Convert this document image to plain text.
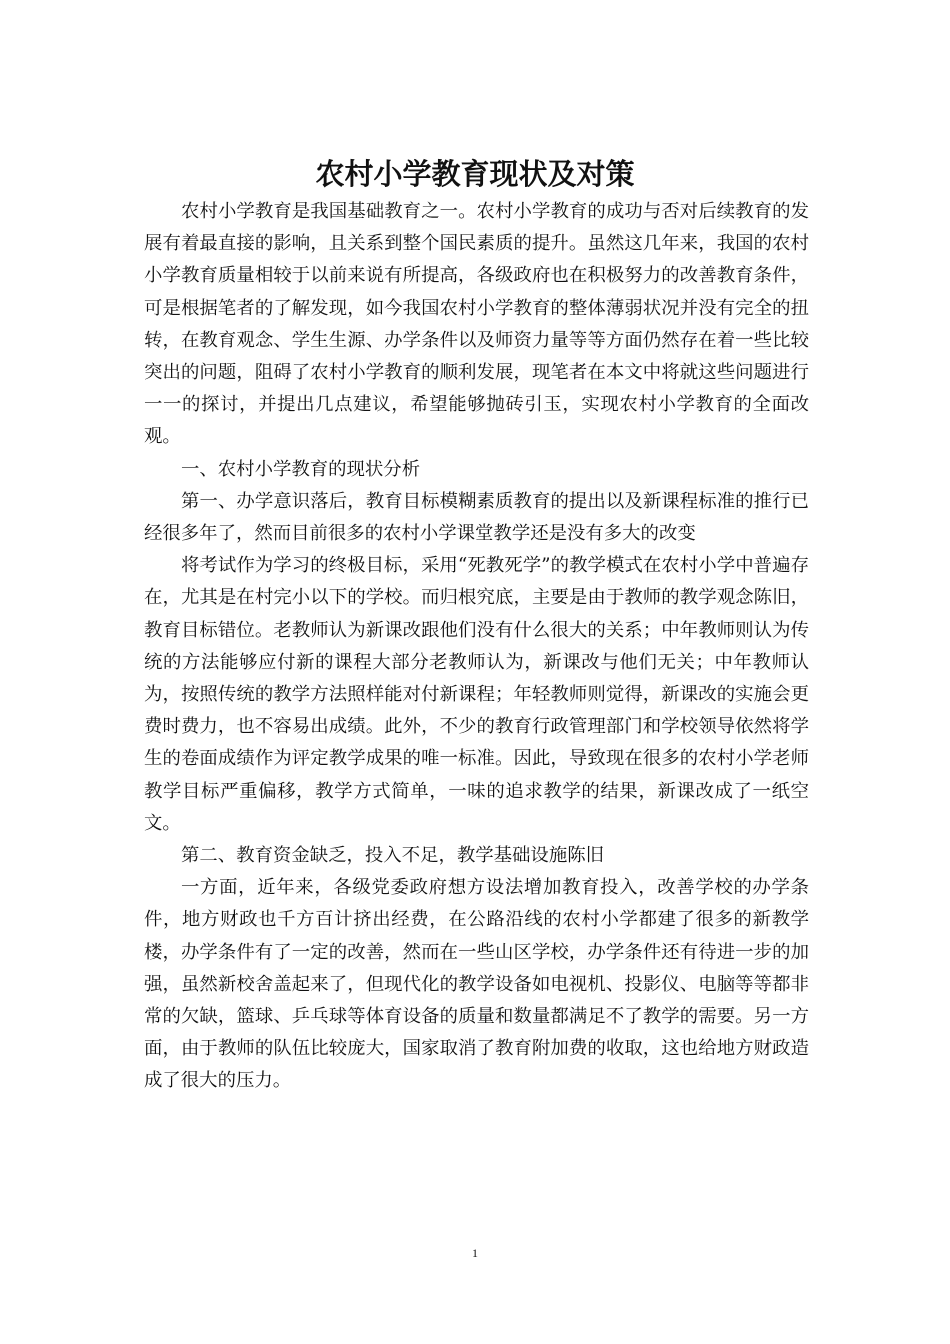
农村小学教育现状及对策

农村小学教育是我国基础教育之一。农村小学教育的成功与否对后续教育的发展有着最直接的影响，且关系到整个国民素质的提升。虽然这几年来，我国的农村小学教育质量相较于以前来说有所提高，各级政府也在积极努力的改善教育条件，可是根据笔者的了解发现，如今我国农村小学教育的整体薄弱状况并没有完全的扭转，在教育观念、学生生源、办学条件以及师资力量等等方面仍然存在着一些比较突出的问题，阻碍了农村小学教育的顺利发展，现笔者在本文中将就这些问题进行一一的探讨，并提出几点建议，希望能够抛砖引玉，实现农村小学教育的全面改观。

一、农村小学教育的现状分析

第一、办学意识落后，教育目标模糊素质教育的提出以及新课程标准的推行已经很多年了，然而目前很多的农村小学课堂教学还是没有多大的改变

将考试作为学习的终极目标，采用“死教死学”的教学模式在农村小学中普遍存在，尤其是在村完小以下的学校。而归根究底，主要是由于教师的教学观念陈旧，教育目标错位。老教师认为新课改跟他们没有什么很大的关系；中年教师则认为传统的方法能够应付新的课程大部分老教师认为，新课改与他们无关；中年教师认为，按照传统的教学方法照样能对付新课程；年轻教师则觉得，新课改的实施会更费时费力，也不容易出成绩。此外，不少的教育行政管理部门和学校领导依然将学生的卷面成绩作为评定教学成果的唯一标准。因此，导致现在很多的农村小学老师教学目标严重偏移，教学方式简单，一味的追求教学的结果，新课改成了一纸空文。

第二、教育资金缺乏，投入不足，教学基础设施陈旧

一方面，近年来，各级党委政府想方设法增加教育投入，改善学校的办学条件，地方财政也千方百计挤出经费，在公路沿线的农村小学都建了很多的新教学楼，办学条件有了一定的改善，然而在一些山区学校，办学条件还有待进一步的加强，虽然新校舍盖起来了，但现代化的教学设备如电视机、投影仪、电脑等等都非常的欠缺，篮球、乒乓球等体育设备的质量和数量都满足不了教学的需要。另一方面，由于教师的队伍比较庞大，国家取消了教育附加费的收取，这也给地方财政造成了很大的压力。

1
